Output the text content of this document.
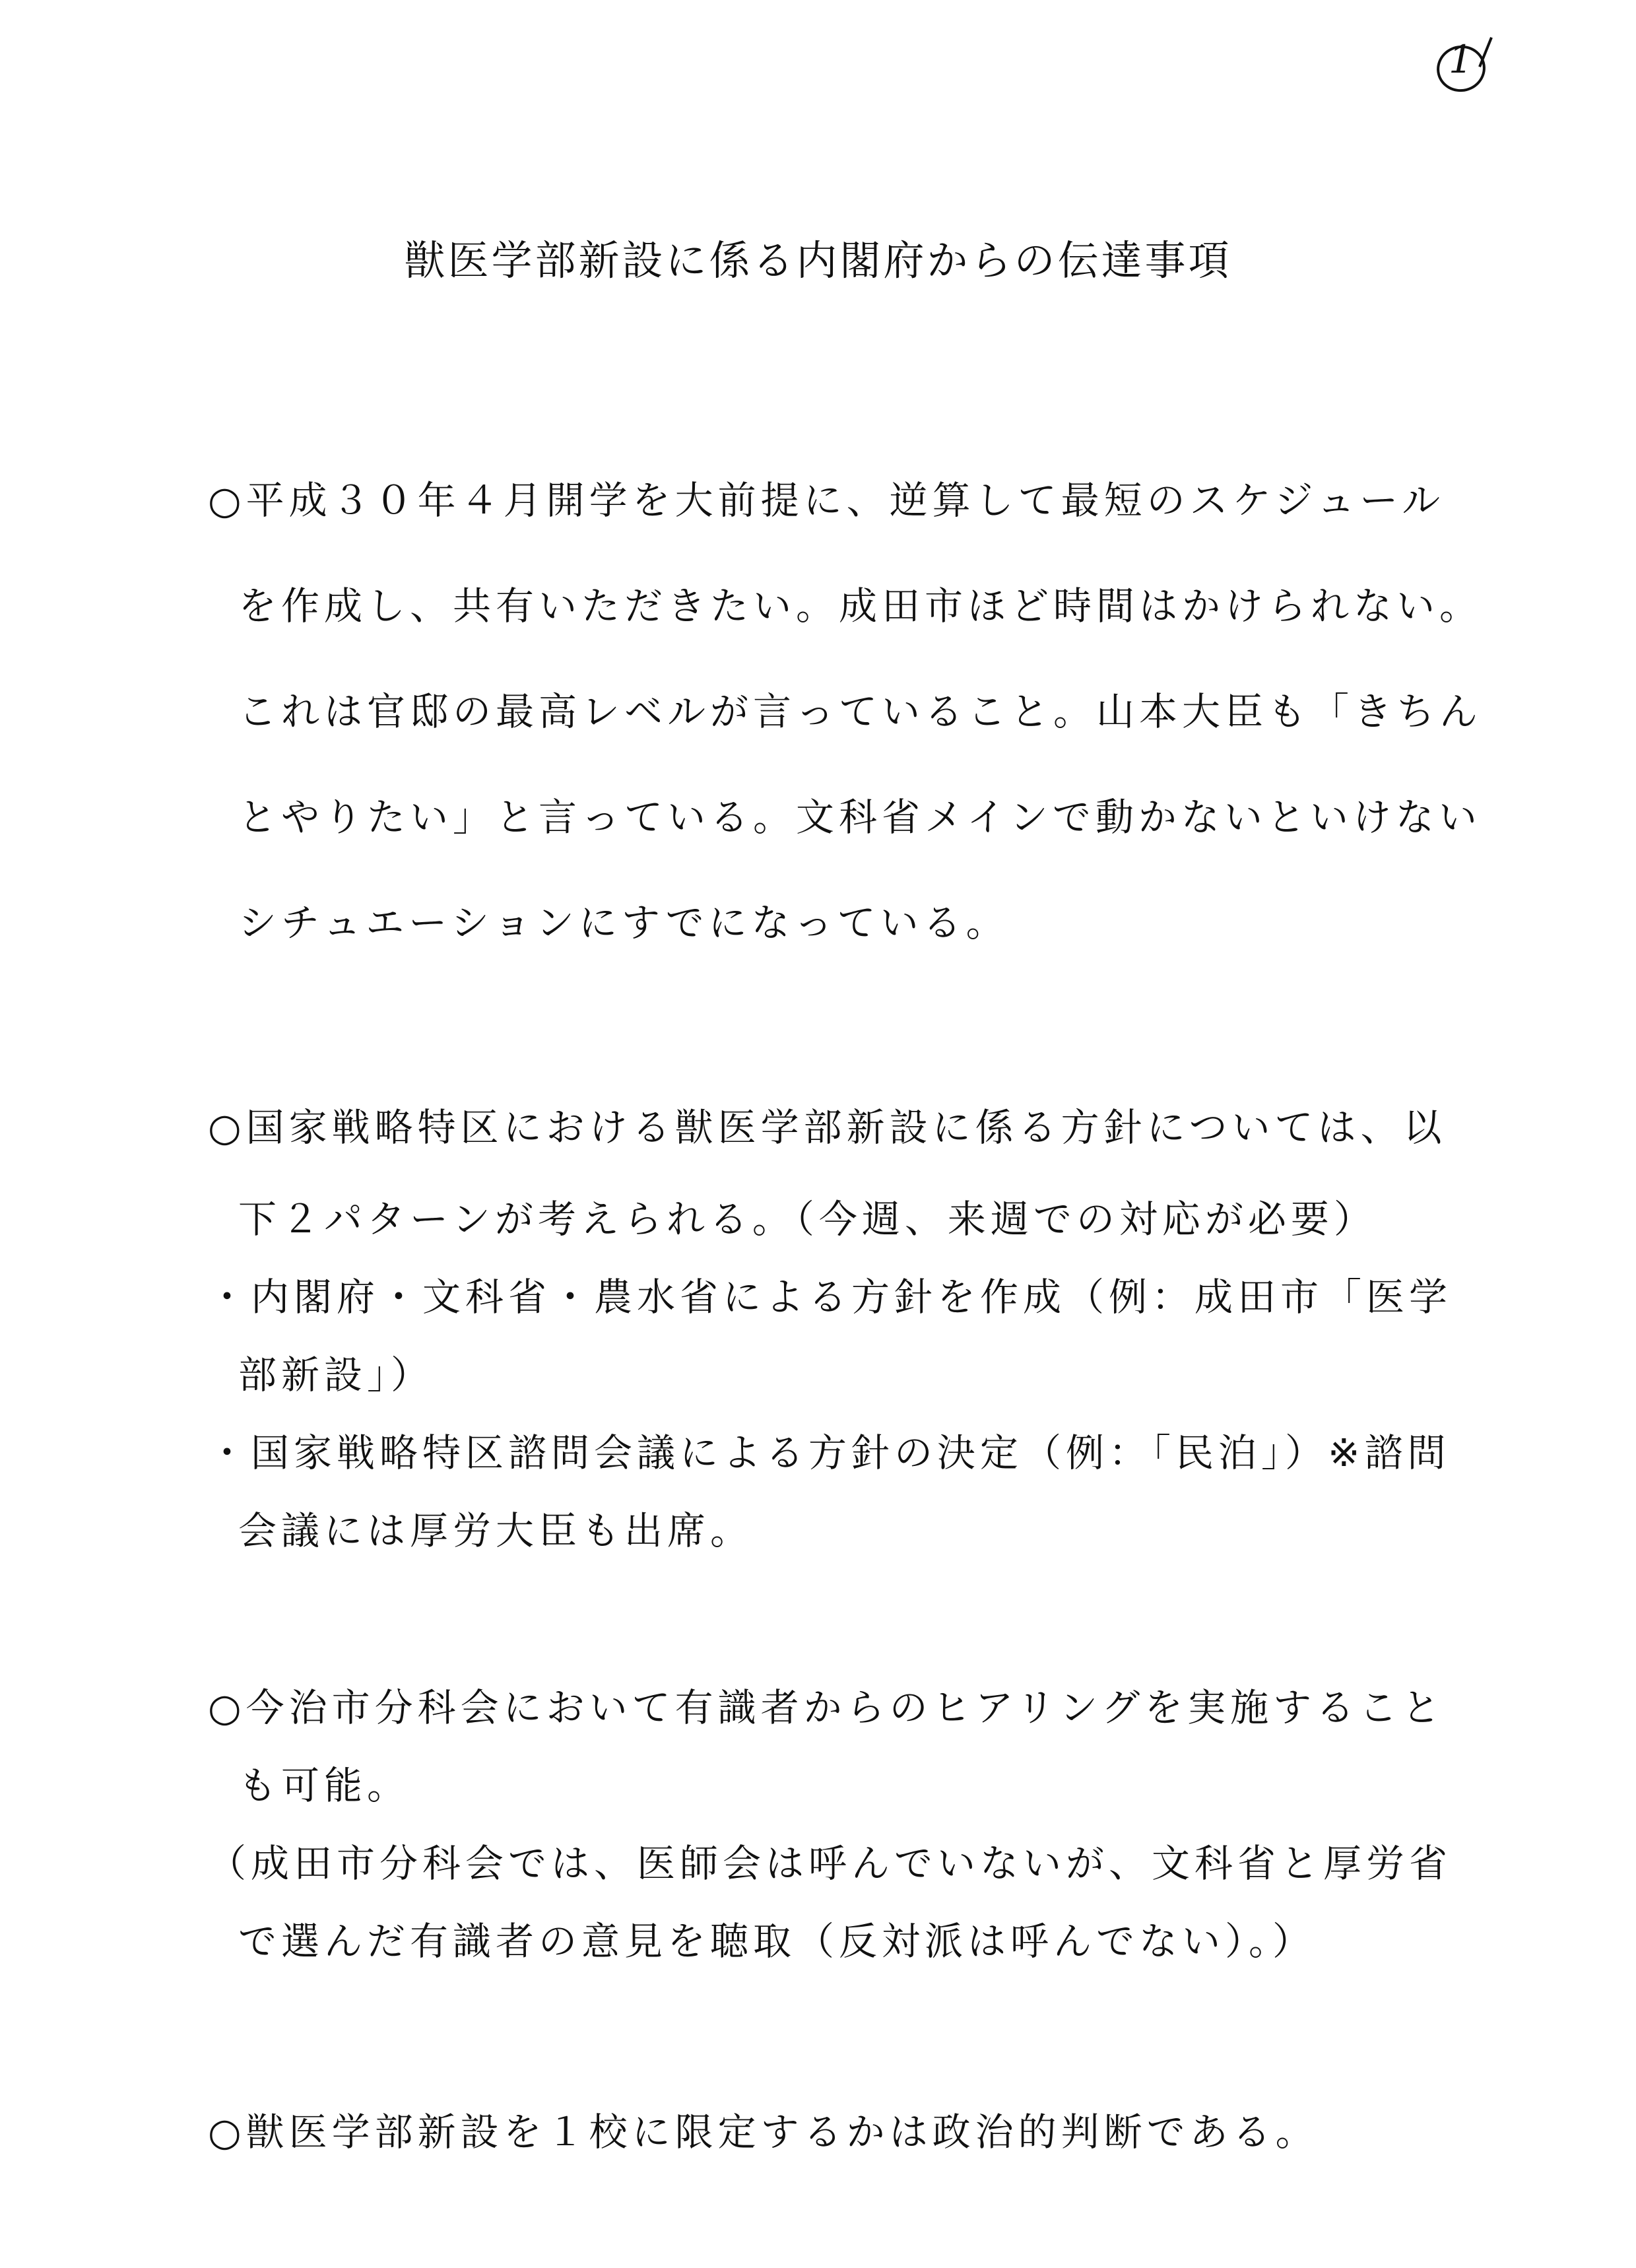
1
獣医学部新設に係る内閣府からの伝達事項
○平成３０年４月開学を大前提に、逆算して最短のスケジュール
を作成し、共有いただきたい。成田市ほど時間はかけられない。
これは官邸の最高レベルが言っていること。山本大臣も「きちん
とやりたい」と言っている。文科省メインで動かないといけない
シチュエーションにすでになっている。
○国家戦略特区における獣医学部新設に係る方針については、以
下２パターンが考えられる。（今週、来週での対応が必要）
・内閣府・文科省・農水省による方針を作成（例：成田市「医学
部新設」）
・国家戦略特区諮問会議による方針の決定（例：「民泊」）※諮問
会議には厚労大臣も出席。
○今治市分科会において有識者からのヒアリングを実施すること
も可能。
（成田市分科会では、医師会は呼んでいないが、文科省と厚労省
で選んだ有識者の意見を聴取（反対派は呼んでない）。）
○獣医学部新設を１校に限定するかは政治的判断である。
